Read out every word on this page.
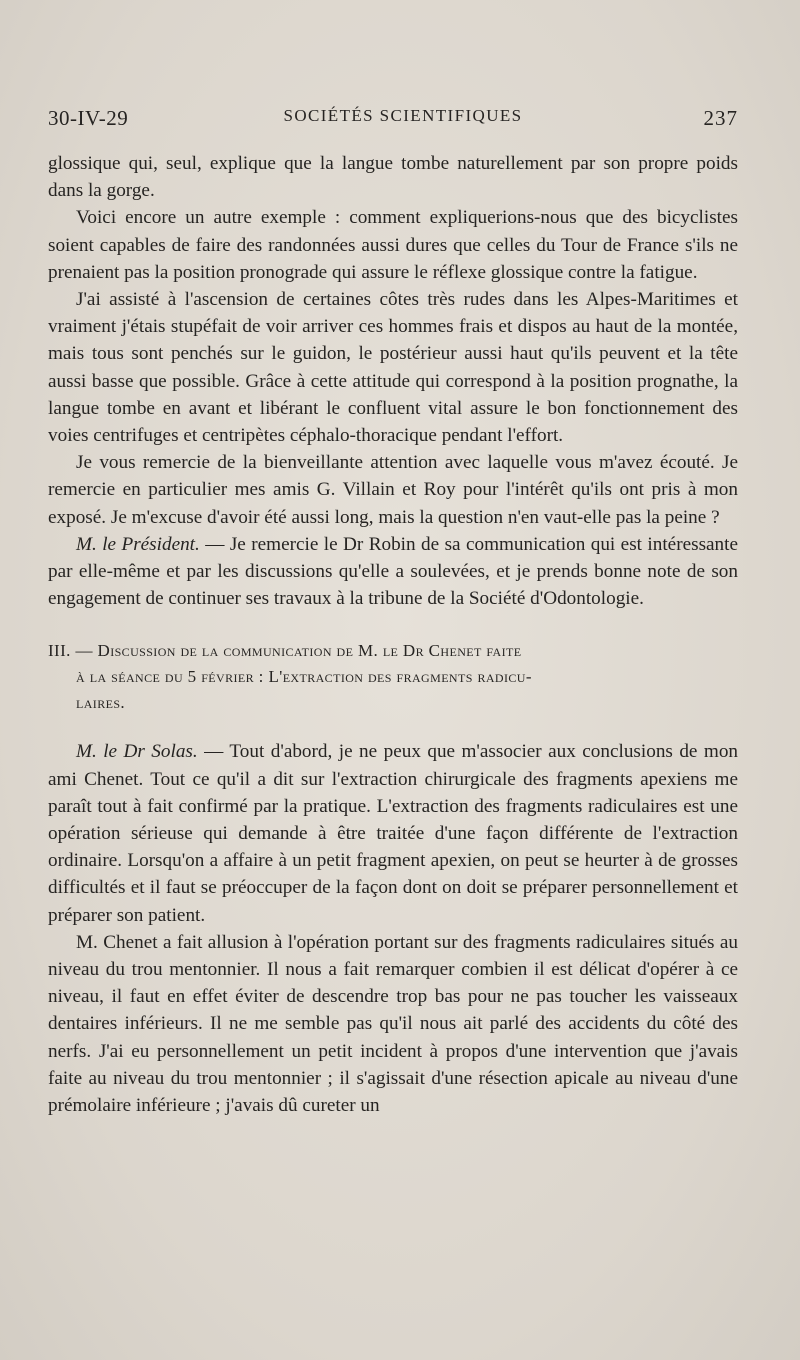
30-IV-29	SOCIÉTÉS SCIENTIFIQUES	237

glossique qui, seul, explique que la langue tombe naturellement par son propre poids dans la gorge.

Voici encore un autre exemple : comment expliquerions-nous que des bicyclistes soient capables de faire des randonnées aussi dures que celles du Tour de France s'ils ne prenaient pas la position pronograde qui assure le réflexe glossique contre la fatigue.

J'ai assisté à l'ascension de certaines côtes très rudes dans les Alpes-Maritimes et vraiment j'étais stupéfait de voir arriver ces hommes frais et dispos au haut de la montée, mais tous sont penchés sur le guidon, le postérieur aussi haut qu'ils peuvent et la tête aussi basse que possible. Grâce à cette attitude qui correspond à la position prognathe, la langue tombe en avant et libérant le confluent vital assure le bon fonctionnement des voies centrifuges et centripètes céphalo-thoracique pendant l'effort.

Je vous remercie de la bienveillante attention avec laquelle vous m'avez écouté. Je remercie en particulier mes amis G. Villain et Roy pour l'intérêt qu'ils ont pris à mon exposé. Je m'excuse d'avoir été aussi long, mais la question n'en vaut-elle pas la peine ?

M. le Président. — Je remercie le Dr Robin de sa communication qui est intéressante par elle-même et par les discussions qu'elle a soulevées, et je prends bonne note de son engagement de continuer ses travaux à la tribune de la Société d'Odontologie.

III. — Discussion de la communication de M. le Dr Chenet faite
à la séance du 5 février : L'extraction des fragments radicu-
laires.

M. le Dr Solas. — Tout d'abord, je ne peux que m'associer aux conclusions de mon ami Chenet. Tout ce qu'il a dit sur l'extraction chirurgicale des fragments apexiens me paraît tout à fait confirmé par la pratique. L'extraction des fragments radiculaires est une opération sérieuse qui demande à être traitée d'une façon différente de l'extraction ordinaire. Lorsqu'on a affaire à un petit fragment apexien, on peut se heurter à de grosses difficultés et il faut se préoccuper de la façon dont on doit se préparer personnellement et préparer son patient.

M. Chenet a fait allusion à l'opération portant sur des fragments radiculaires situés au niveau du trou mentonnier. Il nous a fait remarquer combien il est délicat d'opérer à ce niveau, il faut en effet éviter de descendre trop bas pour ne pas toucher les vaisseaux dentaires inférieurs. Il ne me semble pas qu'il nous ait parlé des accidents du côté des nerfs. J'ai eu personnellement un petit incident à propos d'une intervention que j'avais faite au niveau du trou mentonnier ; il s'agissait d'une résection apicale au niveau d'une prémolaire inférieure ; j'avais dû cureter un
